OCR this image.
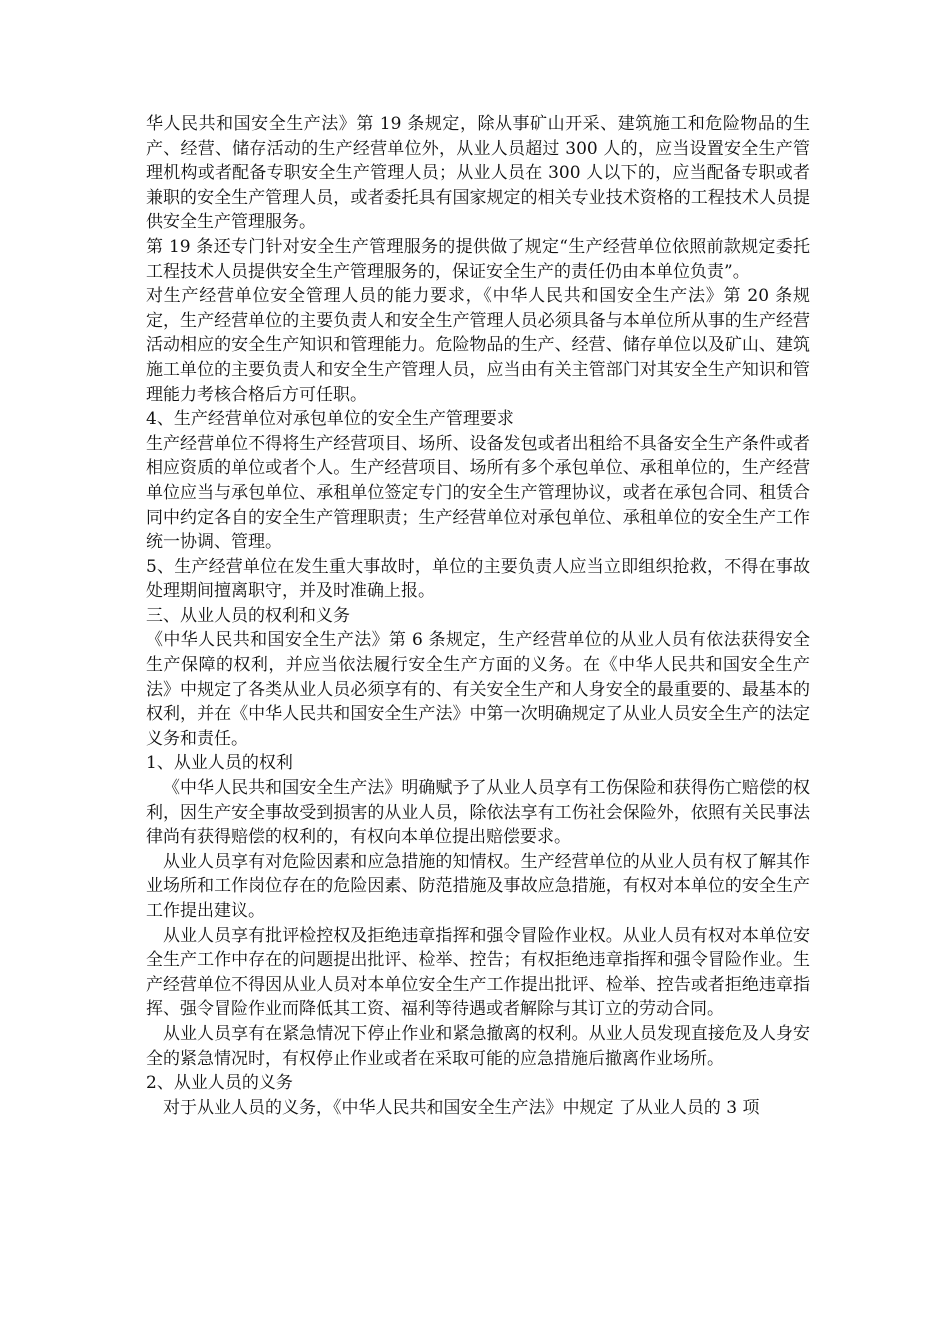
华人民共和国安全生产法》第 19 条规定，除从事矿山开采、建筑施工和危险物品的生产、经营、储存活动的生产经营单位外，从业人员超过 300 人的，应当设置安全生产管理机构或者配备专职安全生产管理人员；从业人员在 300 人以下的，应当配备专职或者兼职的安全生产管理人员，或者委托具有国家规定的相关专业技术资格的工程技术人员提供安全生产管理服务。

第 19 条还专门针对安全生产管理服务的提供做了规定“生产经营单位依照前款规定委托工程技术人员提供安全生产管理服务的，保证安全生产的责任仍由本单位负责”。

对生产经营单位安全管理人员的能力要求，《中华人民共和国安全生产法》第 20 条规定，生产经营单位的主要负责人和安全生产管理人员必须具备与本单位所从事的生产经营活动相应的安全生产知识和管理能力。危险物品的生产、经营、储存单位以及矿山、建筑施工单位的主要负责人和安全生产管理人员，应当由有关主管部门对其安全生产知识和管理能力考核合格后方可任职。

4、生产经营单位对承包单位的安全生产管理要求

生产经营单位不得将生产经营项目、场所、设备发包或者出租给不具备安全生产条件或者相应资质的单位或者个人。生产经营项目、场所有多个承包单位、承租单位的，生产经营单位应当与承包单位、承租单位签定专门的安全生产管理协议，或者在承包合同、租赁合同中约定各自的安全生产管理职责；生产经营单位对承包单位、承租单位的安全生产工作统一协调、管理。

5、生产经营单位在发生重大事故时，单位的主要负责人应当立即组织抢救，不得在事故处理期间擅离职守，并及时准确上报。

三、从业人员的权利和义务

《中华人民共和国安全生产法》第 6 条规定，生产经营单位的从业人员有依法获得安全生产保障的权利，并应当依法履行安全生产方面的义务。在《中华人民共和国安全生产法》中规定了各类从业人员必须享有的、有关安全生产和人身安全的最重要的、最基本的权利，并在《中华人民共和国安全生产法》中第一次明确规定了从业人员安全生产的法定义务和责任。

1、从业人员的权利

《中华人民共和国安全生产法》明确赋予了从业人员享有工伤保险和获得伤亡赔偿的权利，因生产安全事故受到损害的从业人员，除依法享有工伤社会保险外，依照有关民事法律尚有获得赔偿的权利的，有权向本单位提出赔偿要求。

从业人员享有对危险因素和应急措施的知情权。生产经营单位的从业人员有权了解其作业场所和工作岗位存在的危险因素、防范措施及事故应急措施，有权对本单位的安全生产工作提出建议。

从业人员享有批评检控权及拒绝违章指挥和强令冒险作业权。从业人员有权对本单位安全生产工作中存在的问题提出批评、检举、控告；有权拒绝违章指挥和强令冒险作业。生产经营单位不得因从业人员对本单位安全生产工作提出批评、检举、控告或者拒绝违章指挥、强令冒险作业而降低其工资、福利等待遇或者解除与其订立的劳动合同。

从业人员享有在紧急情况下停止作业和紧急撤离的权利。从业人员发现直接危及人身安全的紧急情况时，有权停止作业或者在采取可能的应急措施后撤离作业场所。

2、从业人员的义务

对于从业人员的义务，《中华人民共和国安全生产法》中规定 了从业人员的 3 项
